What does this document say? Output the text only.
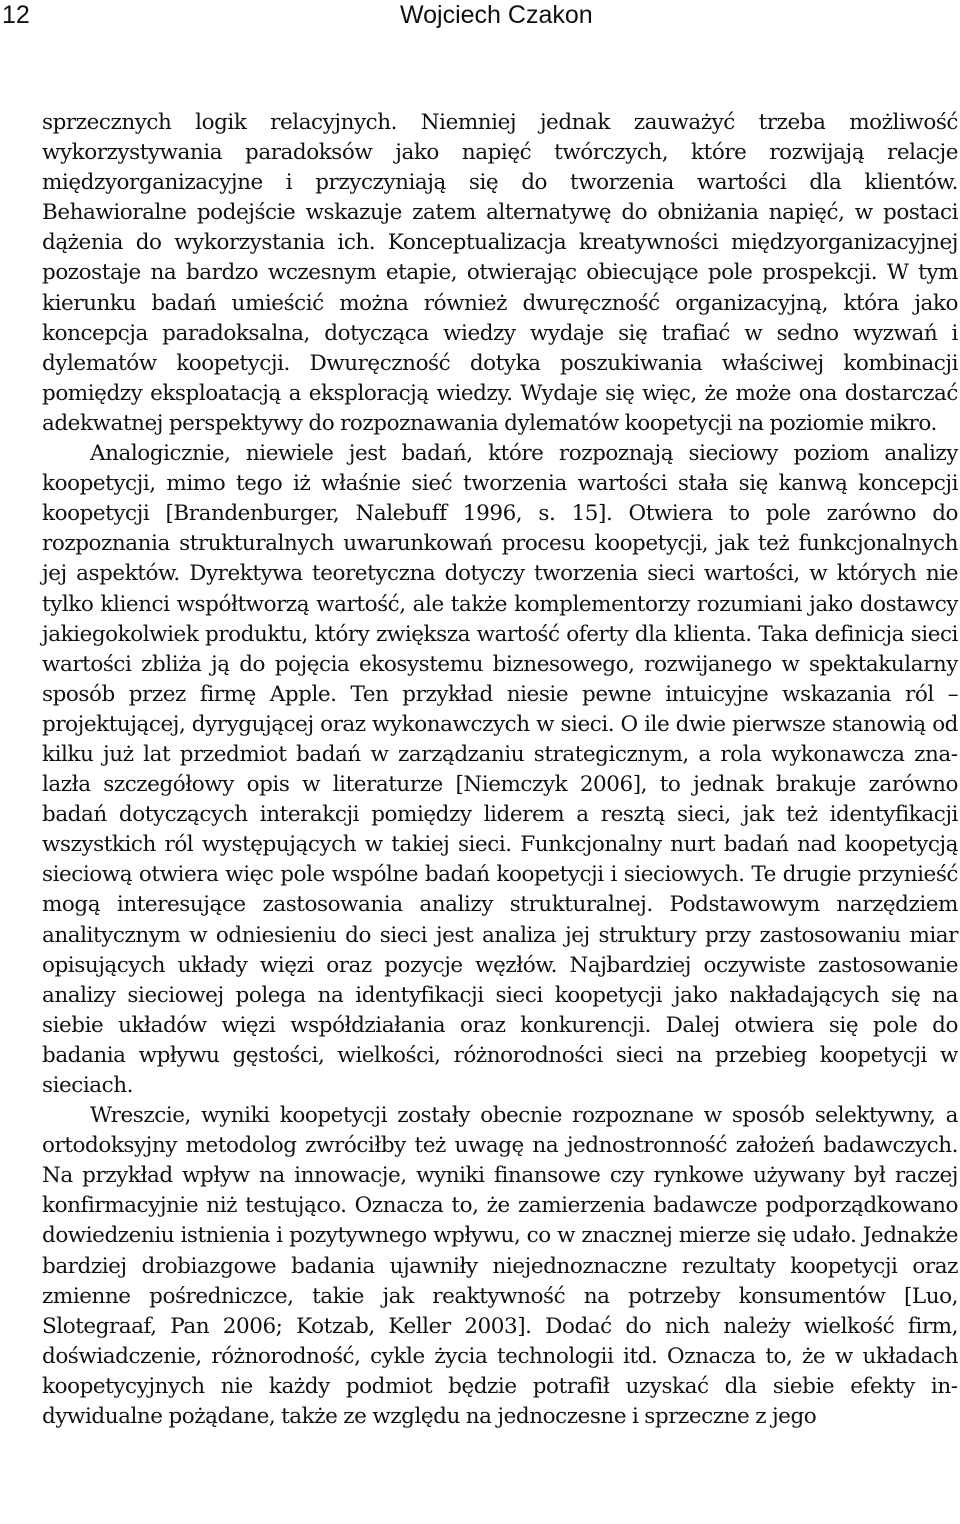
12	Wojciech Czakon

sprzecznych logik relacyjnych. Niemniej jednak zauważyć trzeba możliwość wykorzystywania paradoksów jako napięć twórczych, które rozwijają relacje międzyorganizacyjne i przyczyniają się do tworzenia wartości dla klientów. Behawioralne podejście wskazuje zatem alternatywę do obniżania napięć, w postaci dążenia do wykorzystania ich. Konceptualizacja kreatywności międzyorganizacyjnej pozostaje na bardzo wczesnym etapie, otwierając obiecujące pole prospekcji. W tym kierunku badań umieścić można również dwuręczność organizacyjną, która jako koncepcja paradoksalna, dotycząca wiedzy wydaje się trafiać w sedno wyzwań i dylematów koopetycji. Dwuręczność dotyka poszukiwania właściwej kombinacji pomiędzy eksploatacją a eksploracją wiedzy. Wydaje się więc, że może ona dostarczać adekwatnej perspektywy do rozpoznawania dylematów koopetycji na poziomie mikro.

Analogicznie, niewiele jest badań, które rozpoznają sieciowy poziom analizy koopetycji, mimo tego iż właśnie sieć tworzenia wartości stała się kanwą koncepcji koopetycji [Brandenburger, Nalebuff 1996, s. 15]. Otwiera to pole zarówno do rozpoznania strukturalnych uwarunkowań procesu koopetycji, jak też funkcjonalnych jej aspektów. Dyrektywa teoretyczna dotyczy tworzenia sieci wartości, w których nie tylko klienci współtworzą wartość, ale także komplementorzy rozumiani jako dostawcy jakiegokolwiek produktu, który zwiększa wartość oferty dla klienta. Taka definicja sieci wartości zbliża ją do pojęcia ekosystemu biznesowego, rozwijanego w spektakularny sposób przez firmę Apple. Ten przykład niesie pewne intuicyjne wskazania ról – projektującej, dyrygującej oraz wykonawczych w sieci. O ile dwie pierwsze stanowią od kilku już lat przedmiot badań w zarządzaniu strategicznym, a rola wykonawcza znalazła szczegółowy opis w literaturze [Niemczyk 2006], to jednak brakuje zarówno badań dotyczących interakcji pomiędzy liderem a resztą sieci, jak też identyfikacji wszystkich ról występujących w takiej sieci. Funkcjonalny nurt badań nad koopetycją sieciową otwiera więc pole wspólne badań koopetycji i sieciowych. Te drugie przynieść mogą interesujące zastosowania analizy strukturalnej. Podstawowym narzędziem analitycznym w odniesieniu do sieci jest analiza jej struktury przy zastosowaniu miar opisujących układy więzi oraz pozycje węzłów. Najbardziej oczywiste zastosowanie analizy sieciowej polega na identyfikacji sieci koopetycji jako nakładających się na siebie układów więzi współdziałania oraz konkurencji. Dalej otwiera się pole do badania wpływu gęstości, wielkości, różnorodności sieci na przebieg koopetycji w sieciach.

Wreszcie, wyniki koopetycji zostały obecnie rozpoznane w sposób selektywny, a ortodoksyjny metodolog zwróciłby też uwagę na jednostronność założeń badawczych. Na przykład wpływ na innowacje, wyniki finansowe czy rynkowe używany był raczej konfirmacyjnie niż testująco. Oznacza to, że zamierzenia badawcze podporządkowano dowiedzeniu istnienia i pozytywnego wpływu, co w znacznej mierze się udało. Jednakże bardziej drobiazgowe badania ujawniły niejednoznaczne rezultaty koopetycji oraz zmienne pośredniczce, takie jak reaktywność na potrzeby konsumentów [Luo, Slotegraaf, Pan 2006; Kotzab, Keller 2003]. Dodać do nich należy wielkość firm, doświadczenie, różnorodność, cykle życia technologii itd. Oznacza to, że w układach koopetycyjnych nie każdy podmiot będzie potrafił uzyskać dla siebie efekty indywidualne pożądane, także ze względu na jednoczesne i sprzeczne z jego
